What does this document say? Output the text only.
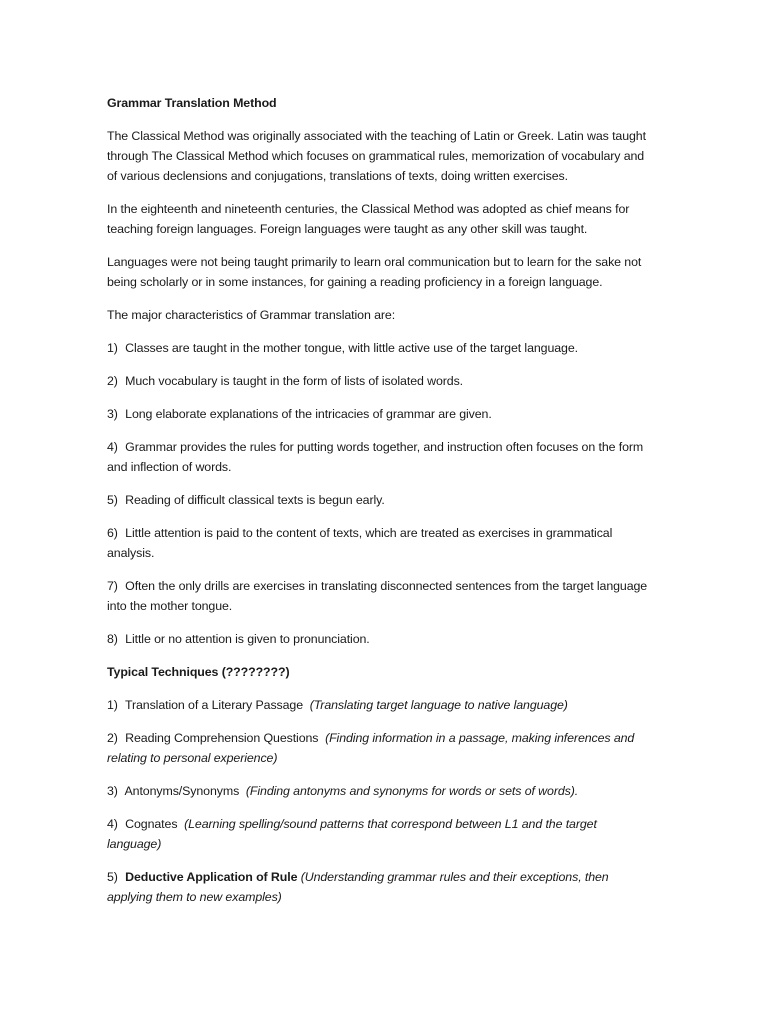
Grammar Translation Method

The Classical Method was originally associated with the teaching of Latin or Greek. Latin was taught through The Classical Method which focuses on grammatical rules, memorization of vocabulary and of various declensions and conjugations, translations of texts, doing written exercises.

In the eighteenth and nineteenth centuries, the Classical Method was adopted as chief means for teaching foreign languages. Foreign languages were taught as any other skill was taught.

Languages were not being taught primarily to learn oral communication but to learn for the sake not being scholarly or in some instances, for gaining a reading proficiency in a foreign language.

The major characteristics of Grammar translation are:

1) Classes are taught in the mother tongue, with little active use of the target language.

2) Much vocabulary is taught in the form of lists of isolated words.

3) Long elaborate explanations of the intricacies of grammar are given.

4) Grammar provides the rules for putting words together, and instruction often focuses on the form and inflection of words.

5) Reading of difficult classical texts is begun early.

6) Little attention is paid to the content of texts, which are treated as exercises in grammatical analysis.

7) Often the only drills are exercises in translating disconnected sentences from the target language into the mother tongue.

8) Little or no attention is given to pronunciation.

Typical Techniques (????????)

1) Translation of a Literary Passage (Translating target language to native language)

2) Reading Comprehension Questions (Finding information in a passage, making inferences and relating to personal experience)

3) Antonyms/Synonyms (Finding antonyms and synonyms for words or sets of words).

4) Cognates (Learning spelling/sound patterns that correspond between L1 and the target language)

5) Deductive Application of Rule (Understanding grammar rules and their exceptions, then applying them to new examples)
